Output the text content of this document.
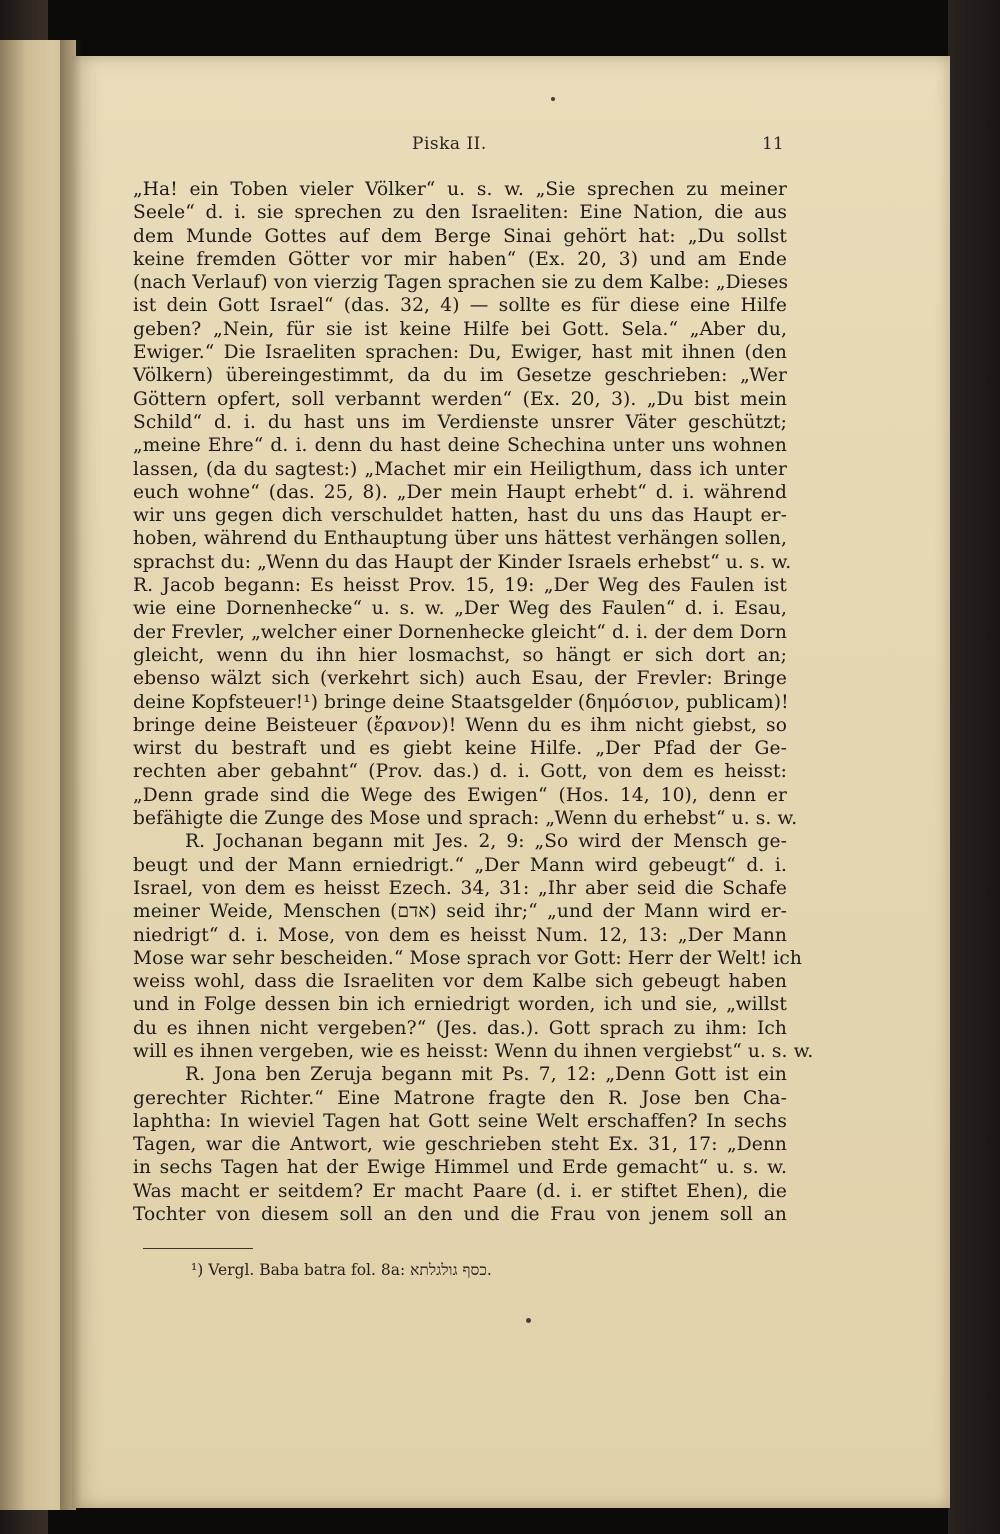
Piska II.	11
„Ha! ein Toben vieler Völker“ u. s. w. „Sie sprechen zu meiner
Seele“ d. i. sie sprechen zu den Israeliten: Eine Nation, die aus
dem Munde Gottes auf dem Berge Sinai gehört hat: „Du sollst
keine fremden Götter vor mir haben“ (Ex. 20, 3) und am Ende
(nach Verlauf) von vierzig Tagen sprachen sie zu dem Kalbe: „Dieses
ist dein Gott Israel“ (das. 32, 4) — sollte es für diese eine Hilfe
geben? „Nein, für sie ist keine Hilfe bei Gott. Sela.“ „Aber du,
Ewiger.“ Die Israeliten sprachen: Du, Ewiger, hast mit ihnen (den
Völkern) übereingestimmt, da du im Gesetze geschrieben: „Wer
Göttern opfert, soll verbannt werden“ (Ex. 20, 3). „Du bist mein
Schild“ d. i. du hast uns im Verdienste unsrer Väter geschützt;
„meine Ehre“ d. i. denn du hast deine Schechina unter uns wohnen
lassen, (da du sagtest:) „Machet mir ein Heiligthum, dass ich unter
euch wohne“ (das. 25, 8). „Der mein Haupt erhebt“ d. i. während
wir uns gegen dich verschuldet hatten, hast du uns das Haupt er-
hoben, während du Enthauptung über uns hättest verhängen sollen,
sprachst du: „Wenn du das Haupt der Kinder Israels erhebst“ u. s. w.
R. Jacob begann: Es heisst Prov. 15, 19: „Der Weg des Faulen ist
wie eine Dornenhecke“ u. s. w. „Der Weg des Faulen“ d. i. Esau,
der Frevler, „welcher einer Dornenhecke gleicht“ d. i. der dem Dorn
gleicht, wenn du ihn hier losmachst, so hängt er sich dort an;
ebenso wälzt sich (verkehrt sich) auch Esau, der Frevler: Bringe
deine Kopfsteuer!¹) bringe deine Staatsgelder (δημόσιον, publicam)!
bringe deine Beisteuer (ἔρανον)! Wenn du es ihm nicht giebst, so
wirst du bestraft und es giebt keine Hilfe. „Der Pfad der Ge-
rechten aber gebahnt“ (Prov. das.) d. i. Gott, von dem es heisst:
„Denn grade sind die Wege des Ewigen“ (Hos. 14, 10), denn er
befähigte die Zunge des Mose und sprach: „Wenn du erhebst“ u. s. w.
R. Jochanan begann mit Jes. 2, 9: „So wird der Mensch ge-
beugt und der Mann erniedrigt.“ „Der Mann wird gebeugt“ d. i.
Israel, von dem es heisst Ezech. 34, 31: „Ihr aber seid die Schafe
meiner Weide, Menschen (אדם) seid ihr;“ „und der Mann wird er-
niedrigt“ d. i. Mose, von dem es heisst Num. 12, 13: „Der Mann
Mose war sehr bescheiden.“ Mose sprach vor Gott: Herr der Welt! ich
weiss wohl, dass die Israeliten vor dem Kalbe sich gebeugt haben
und in Folge dessen bin ich erniedrigt worden, ich und sie, „willst
du es ihnen nicht vergeben?“ (Jes. das.). Gott sprach zu ihm: Ich
will es ihnen vergeben, wie es heisst: Wenn du ihnen vergiebst“ u. s. w.
R. Jona ben Zeruja begann mit Ps. 7, 12: „Denn Gott ist ein
gerechter Richter.“ Eine Matrone fragte den R. Jose ben Cha-
laphtha: In wieviel Tagen hat Gott seine Welt erschaffen? In sechs
Tagen, war die Antwort, wie geschrieben steht Ex. 31, 17: „Denn
in sechs Tagen hat der Ewige Himmel und Erde gemacht“ u. s. w.
Was macht er seitdem? Er macht Paare (d. i. er stiftet Ehen), die
Tochter von diesem soll an den und die Frau von jenem soll an
¹) Vergl. Baba batra fol. 8a: כסף גולגלתא.
